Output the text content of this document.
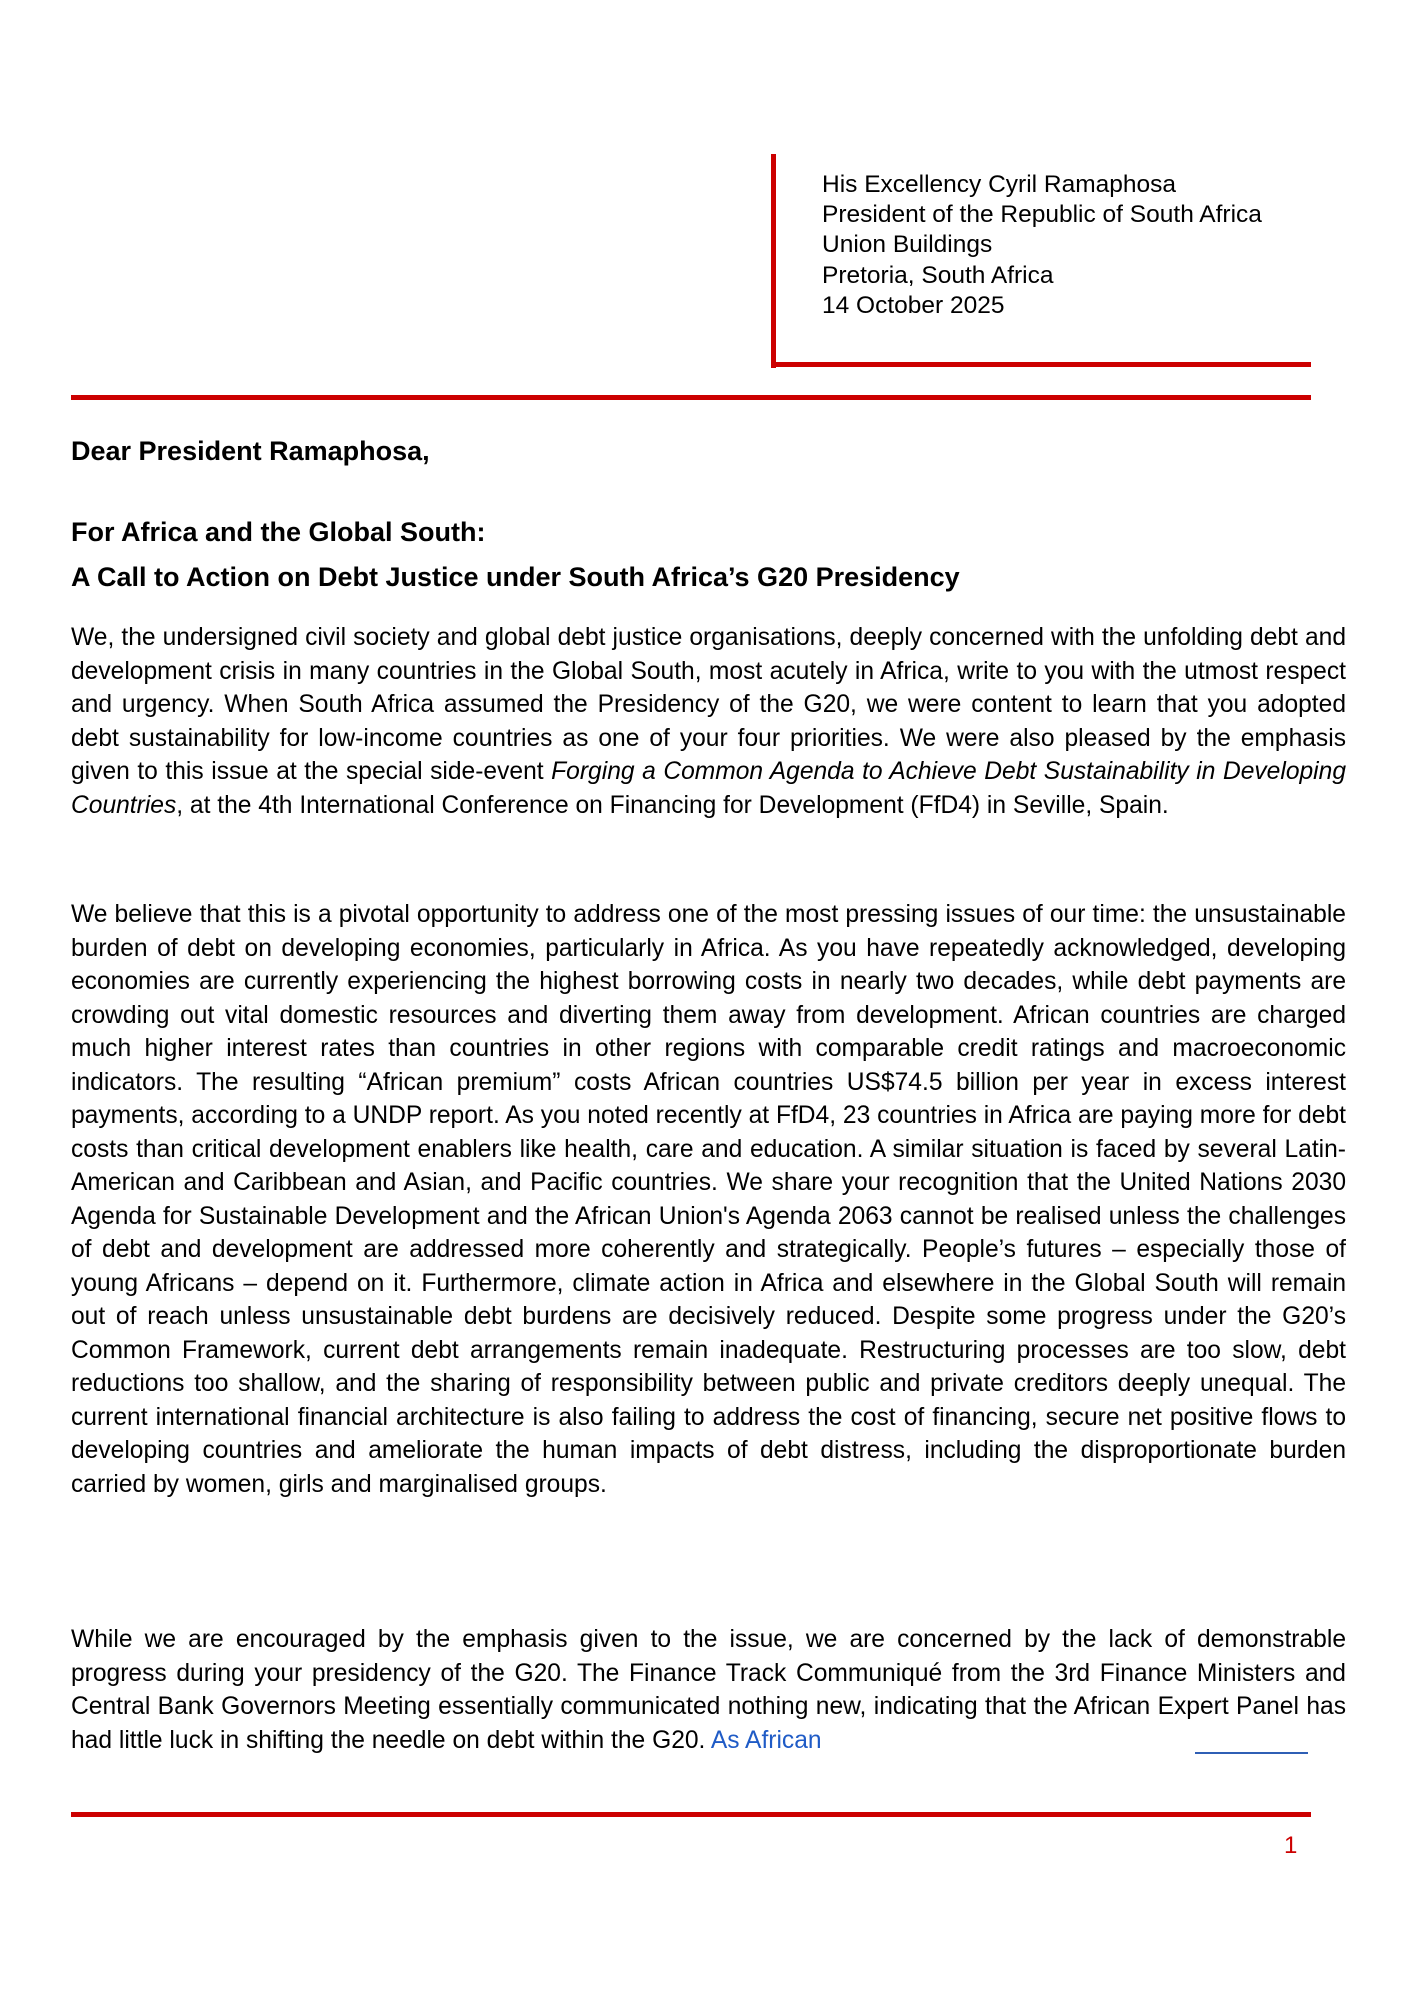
His Excellency Cyril Ramaphosa
President of the Republic of South Africa
Union Buildings
Pretoria, South Africa
14 October 2025
Dear President Ramaphosa,
For Africa and the Global South:
A Call to Action on Debt Justice under South Africa’s G20 Presidency

We, the undersigned civil society and global debt justice organisations, deeply concerned with the unfolding debt and development crisis in many countries in the Global South, most acutely in Africa, write to you with the utmost respect and urgency. When South Africa assumed the Presidency of the G20, we were content to learn that you adopted debt sustainability for low-income countries as one of your four priorities. We were also pleased by the emphasis given to this issue at the special side-event Forging a Common Agenda to Achieve Debt Sustainability in Developing Countries, at the 4th International Conference on Financing for Development (FfD4) in Seville, Spain.

We believe that this is a pivotal opportunity to address one of the most pressing issues of our time: the unsustainable burden of debt on developing economies, particularly in Africa. As you have repeatedly acknowledged, developing economies are currently experiencing the highest borrowing costs in nearly two decades, while debt payments are crowding out vital domestic resources and diverting them away from development. African countries are charged much higher interest rates than countries in other regions with comparable credit ratings and macroeconomic indicators. The resulting “African premium” costs African countries US$74.5 billion per year in excess interest payments, according to a UNDP report. As you noted recently at FfD4, 23 countries in Africa are paying more for debt costs than critical development enablers like health, care and education. A similar situation is faced by several Latin-American and Caribbean and Asian, and Pacific countries. We share your recognition that the United Nations 2030 Agenda for Sustainable Development and the African Union's Agenda 2063 cannot be realised unless the challenges of debt and development are addressed more coherently and strategically. People’s futures – especially those of young Africans – depend on it. Furthermore, climate action in Africa and elsewhere in the Global South will remain out of reach unless unsustainable debt burdens are decisively reduced. Despite some progress under the G20’s Common Framework, current debt arrangements remain inadequate. Restructuring processes are too slow, debt reductions too shallow, and the sharing of responsibility between public and private creditors deeply unequal. The current international financial architecture is also failing to address the cost of financing, secure net positive flows to developing countries and ameliorate the human impacts of debt distress, including the disproportionate burden carried by women, girls and marginalised groups.

While we are encouraged by the emphasis given to the issue, we are concerned by the lack of demonstrable progress during your presidency of the G20. The Finance Track Communiqué from the 3rd Finance Ministers and Central Bank Governors Meeting essentially communicated nothing new, indicating that the African Expert Panel has had little luck in shifting the needle on debt within the G20. As African

1
